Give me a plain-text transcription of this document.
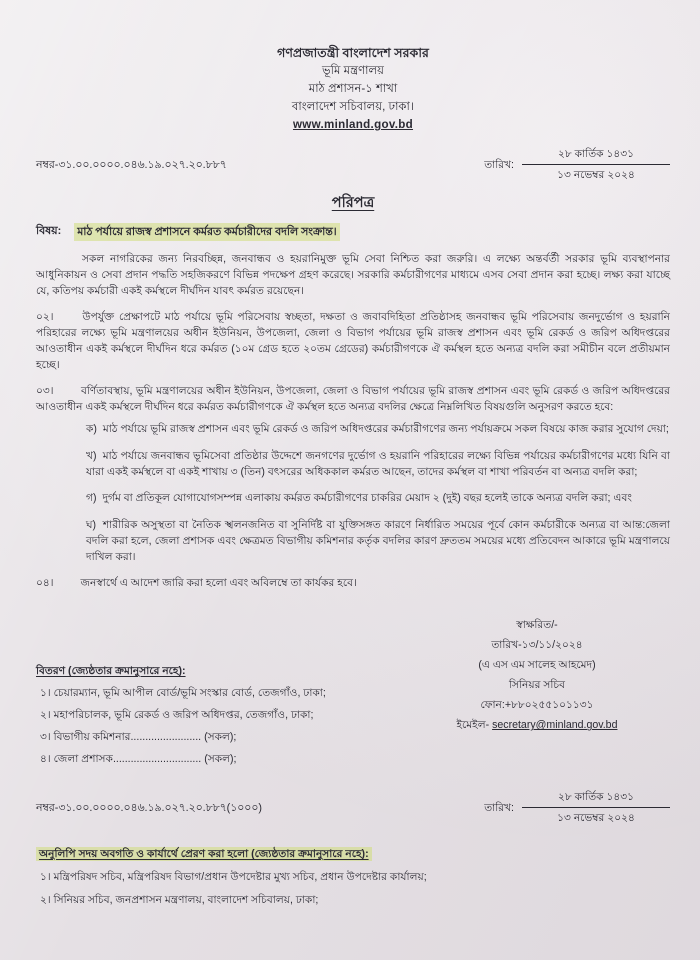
গণপ্রজাতন্ত্রী বাংলাদেশ সরকার
ভূমি মন্ত্রণালয়
মাঠ প্রশাসন-১ শাখা
বাংলাদেশ সচিবালয়, ঢাকা।
www.minland.gov.bd
নম্বর-৩১.০০.০০০০.০৪৬.১৯.০২৭.২০.৮৮৭	তারিখ:
২৮ কার্তিক ১৪৩১
১৩ নভেম্বর ২০২৪
পরিপত্র
বিষয়: মাঠ পর্যায়ে রাজস্ব প্রশাসনে কর্মরত কর্মচারীদের বদলি সংক্রান্ত।

সকল নাগরিকের জন্য নিরবচ্ছিন্ন, জনবান্ধব ও হয়রানিমুক্ত ভূমি সেবা নিশ্চিত করা জরুরি। এ লক্ষ্যে অন্তর্বর্তী সরকার ভূমি ব্যবস্থাপনার আধুনিকায়ন ও সেবা প্রদান পদ্ধতি সহজিকরণে বিভিন্ন পদক্ষেপ গ্রহণ করেছে। সরকারি কর্মচারীগণের মাধ্যমে এসব সেবা প্রদান করা হচ্ছে। লক্ষ্য করা যাচ্ছে যে, কতিপয় কর্মচারী একই কর্মস্থলে দীর্ঘদিন যাবৎ কর্মরত রয়েছেন।

০২।	উপর্যুক্ত প্রেক্ষাপটে মাঠ পর্যায়ে ভূমি পরিসেবায় স্বচ্ছতা, দক্ষতা ও জবাবদিহিতা প্রতিষ্ঠাসহ জনবান্ধব ভূমি পরিসেবায় জনদুর্ভোগ ও হয়রানি পরিহারের লক্ষ্যে ভূমি মন্ত্রণালয়ের অধীন ইউনিয়ন, উপজেলা, জেলা ও বিভাগ পর্যায়ের ভূমি রাজস্ব প্রশাসন এবং ভূমি রেকর্ড ও জরিপ অধিদপ্তরের আওতাধীন একই কর্মস্থলে দীর্ঘদিন ধরে কর্মরত (১০ম গ্রেড হতে ২০তম গ্রেডের) কর্মচারীগণকে ঐ কর্মস্থল হতে অন্যত্র বদলি করা সমীচীন বলে প্রতীয়মান হচ্ছে।

০৩।	বর্ণিতাবস্থায়, ভূমি মন্ত্রণালয়ের অধীন ইউনিয়ন, উপজেলা, জেলা ও বিভাগ পর্যায়ের ভূমি রাজস্ব প্রশাসন এবং ভূমি রেকর্ড ও জরিপ অধিদপ্তরের আওতাধীন একই কর্মস্থলে দীর্ঘদিন ধরে কর্মরত কর্মচারীগণকে ঐ কর্মস্থল হতে অন্যত্র বদলির ক্ষেত্রে নিম্নলিখিত বিষয়গুলি অনুসরণ করতে হবে:

ক) মাঠ পর্যায়ে ভূমি রাজস্ব প্রশাসন এবং ভূমি রেকর্ড ও জরিপ অধিদপ্তরের কর্মচারীগণের জন্য পর্যায়ক্রমে সকল বিষয়ে কাজ করার সুযোগ দেয়া;

খ) মাঠ পর্যায়ে জনবান্ধব ভূমিসেবা প্রতিষ্ঠার উদ্দেশে জনগণের দুর্ভোগ ও হয়রানি পরিহারের লক্ষ্যে বিভিন্ন পর্যায়ের কর্মচারীগণের মধ্যে যিনি বা যারা একই কর্মস্থলে বা একই শাখায় ৩ (তিন) বৎসরের অধিককাল কর্মরত আছেন, তাদের কর্মস্থল বা শাখা পরিবর্তন বা অন্যত্র বদলি করা;

গ) দুর্গম বা প্রতিকূল যোগাযোগসম্পন্ন এলাকায় কর্মরত কর্মচারীগণের চাকরির মেয়াদ ২ (দুই) বছর হলেই তাকে অন্যত্র বদলি করা; এবং

ঘ) শারীরিক অসুস্থতা বা নৈতিক স্খলনজনিত বা সুনির্দিষ্ট বা যুক্তিসঙ্গত কারণে নির্ধারিত সময়ের পূর্বে কোন কর্মচারীকে অন্যত্র বা আন্ত:জেলা বদলি করা হলে, জেলা প্রশাসক এবং ক্ষেত্রমত বিভাগীয় কমিশনার কর্তৃক বদলির কারণ দ্রুততম সময়ের মধ্যে প্রতিবেদন আকারে ভূমি মন্ত্রণালয়ে দাখিল করা।

০৪।	জনস্বার্থে এ আদেশ জারি করা হলো এবং অবিলম্বে তা কার্যকর হবে।

বিতরণ (জ্যেষ্ঠতার ক্রমানুসারে নহে):
১। চেয়ারম্যান, ভূমি আপীল বোর্ড/ভূমি সংস্কার বোর্ড, তেজগাঁও, ঢাকা;
২। মহাপরিচালক, ভূমি রেকর্ড ও জরিপ অধিদপ্তর, তেজগাঁও, ঢাকা;
৩। বিভাগীয় কমিশনার........................ (সকল);
৪। জেলা প্রশাসক.............................. (সকল);
স্বাক্ষরিত/-
তারিখ-১৩/১১/২০২৪
(এ এস এম সালেহ আহমেদ)
সিনিয়র সচিব
ফোন:+৮৮০২৫৫১০১১৩১
ইমেইল- secretary@minland.gov.bd
নম্বর-৩১.০০.০০০০.০৪৬.১৯.০২৭.২০.৮৮৭(১০০০)	তারিখ:
২৮ কার্তিক ১৪৩১
১৩ নভেম্বর ২০২৪
অনুলিপি সদয় অবগতি ও কার্যার্থে প্রেরণ করা হলো (জ্যেষ্ঠতার ক্রমানুসারে নহে):
১। মন্ত্রিপরিষদ সচিব, মন্ত্রিপরিষদ বিভাগ/প্রধান উপদেষ্টার মুখ্য সচিব, প্রধান উপদেষ্টার কার্যালয়;
২। সিনিয়র সচিব, জনপ্রশাসন মন্ত্রণালয়, বাংলাদেশ সচিবালয়, ঢাকা;
